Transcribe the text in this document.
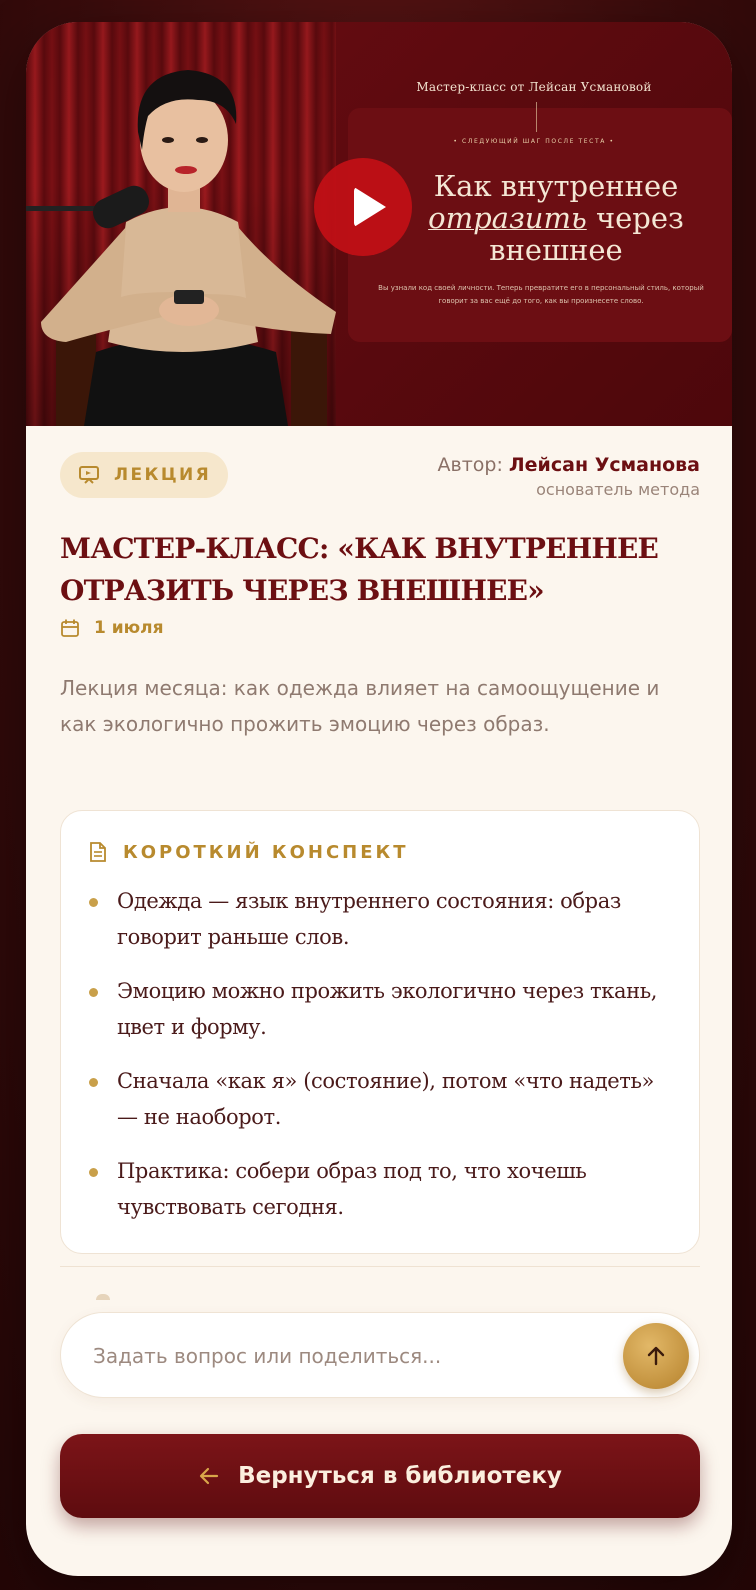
Мастер-класс от Лейсан Усмановой
• СЛЕДУЮЩИЙ ШАГ ПОСЛЕ ТЕСТА •
Как внутреннее
отразить через
внешнее
Вы узнали код своей личности. Теперь превратите его в персональный стиль, который говорит за вас ещё до того, как вы произнесете слово.
ЛЕКЦИЯ	Автор: Лейсан Усманова
основатель метода
МАСТЕР-КЛАСС: «КАК ВНУТРЕННЕЕ ОТРАЗИТЬ ЧЕРЕЗ ВНЕШНЕЕ»
1 июля

Лекция месяца: как одежда влияет на самоощущение и как экологично прожить эмоцию через образ.

КОРОТКИЙ КОНСПЕКТ
Одежда — язык внутреннего состояния: образ говорит раньше слов.
Эмоцию можно прожить экологично через ткань, цвет и форму.
Сначала «как я» (состояние), потом «что надеть» — не наоборот.
Практика: собери образ под то, что хочешь чувствовать сегодня.
Задать вопрос или поделиться...
Вернуться в библиотеку
